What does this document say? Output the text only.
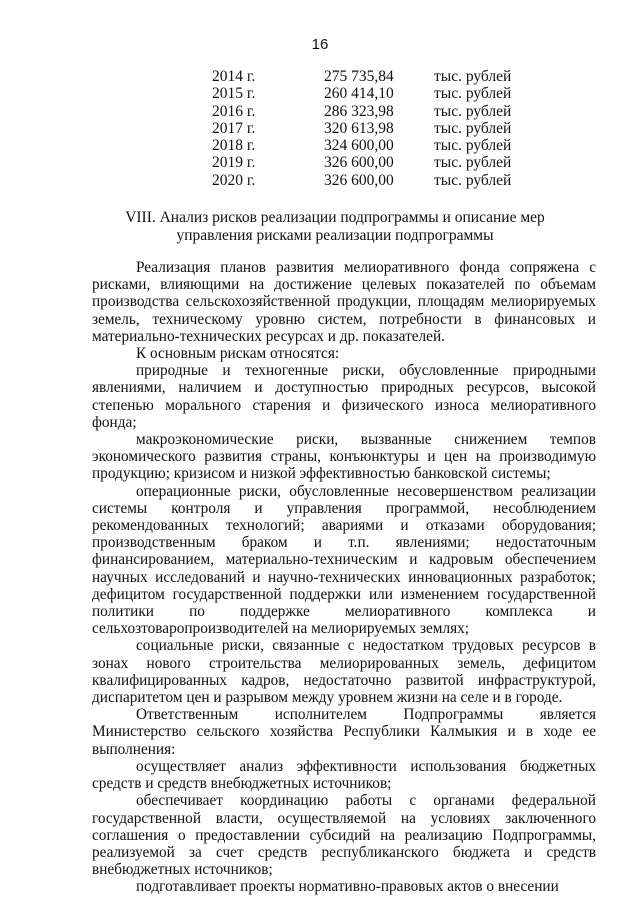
16
2014 г.	275 735,84	тыс. рублей
2015 г.	260 414,10	тыс. рублей
2016 г.	286 323,98	тыс. рублей
2017 г.	320 613,98	тыс. рублей
2018 г.	324 600,00	тыс. рублей
2019 г.	326 600,00	тыс. рублей
2020 г.	326 600,00	тыс. рублей
VIII. Анализ рисков реализации подпрограммы и описание мер
управления рисками реализации подпрограммы

Реализация планов развития мелиоративного фонда сопряжена с рисками, влияющими на достижение целевых показателей по объемам производства сельскохозяйственной продукции, площадям мелиорируемых земель, техническому уровню систем, потребности в финансовых и материально-технических ресурсах и др. показателей.

К основным рискам относятся:

природные и техногенные риски, обусловленные природными явлениями, наличием и доступностью природных ресурсов, высокой степенью морального старения и физического износа мелиоративного фонда;

макроэкономические риски, вызванные снижением темпов экономического развития страны, конъюнктуры и цен на производимую продукцию; кризисом и низкой эффективностью банковской системы;

операционные риски, обусловленные несовершенством реализации системы контроля и управления программой, несоблюдением рекомендованных технологий; авариями и отказами оборудования; производственным браком и т.п. явлениями; недостаточным финансированием, материально-техническим и кадровым обеспечением научных исследований и научно-технических инновационных разработок; дефицитом государственной поддержки или изменением государственной политики по поддержке мелиоративного комплекса и сельхозтоваропроизводителей на мелиорируемых землях;

социальные риски, связанные с недостатком трудовых ресурсов в зонах нового строительства мелиорированных земель, дефицитом квалифицированных кадров, недостаточно развитой инфраструктурой, диспаритетом цен и разрывом между уровнем жизни на селе и в городе.

Ответственным исполнителем Подпрограммы является Министерство сельского хозяйства Республики Калмыкия и в ходе ее выполнения:

осуществляет анализ эффективности использования бюджетных средств и средств внебюджетных источников;

обеспечивает координацию работы с органами федеральной государственной власти, осуществляемой на условиях заключенного соглашения о предоставлении субсидий на реализацию Подпрограммы, реализуемой за счет средств республиканского бюджета и средств внебюджетных источников;

подготавливает проекты нормативно-правовых актов о внесении
